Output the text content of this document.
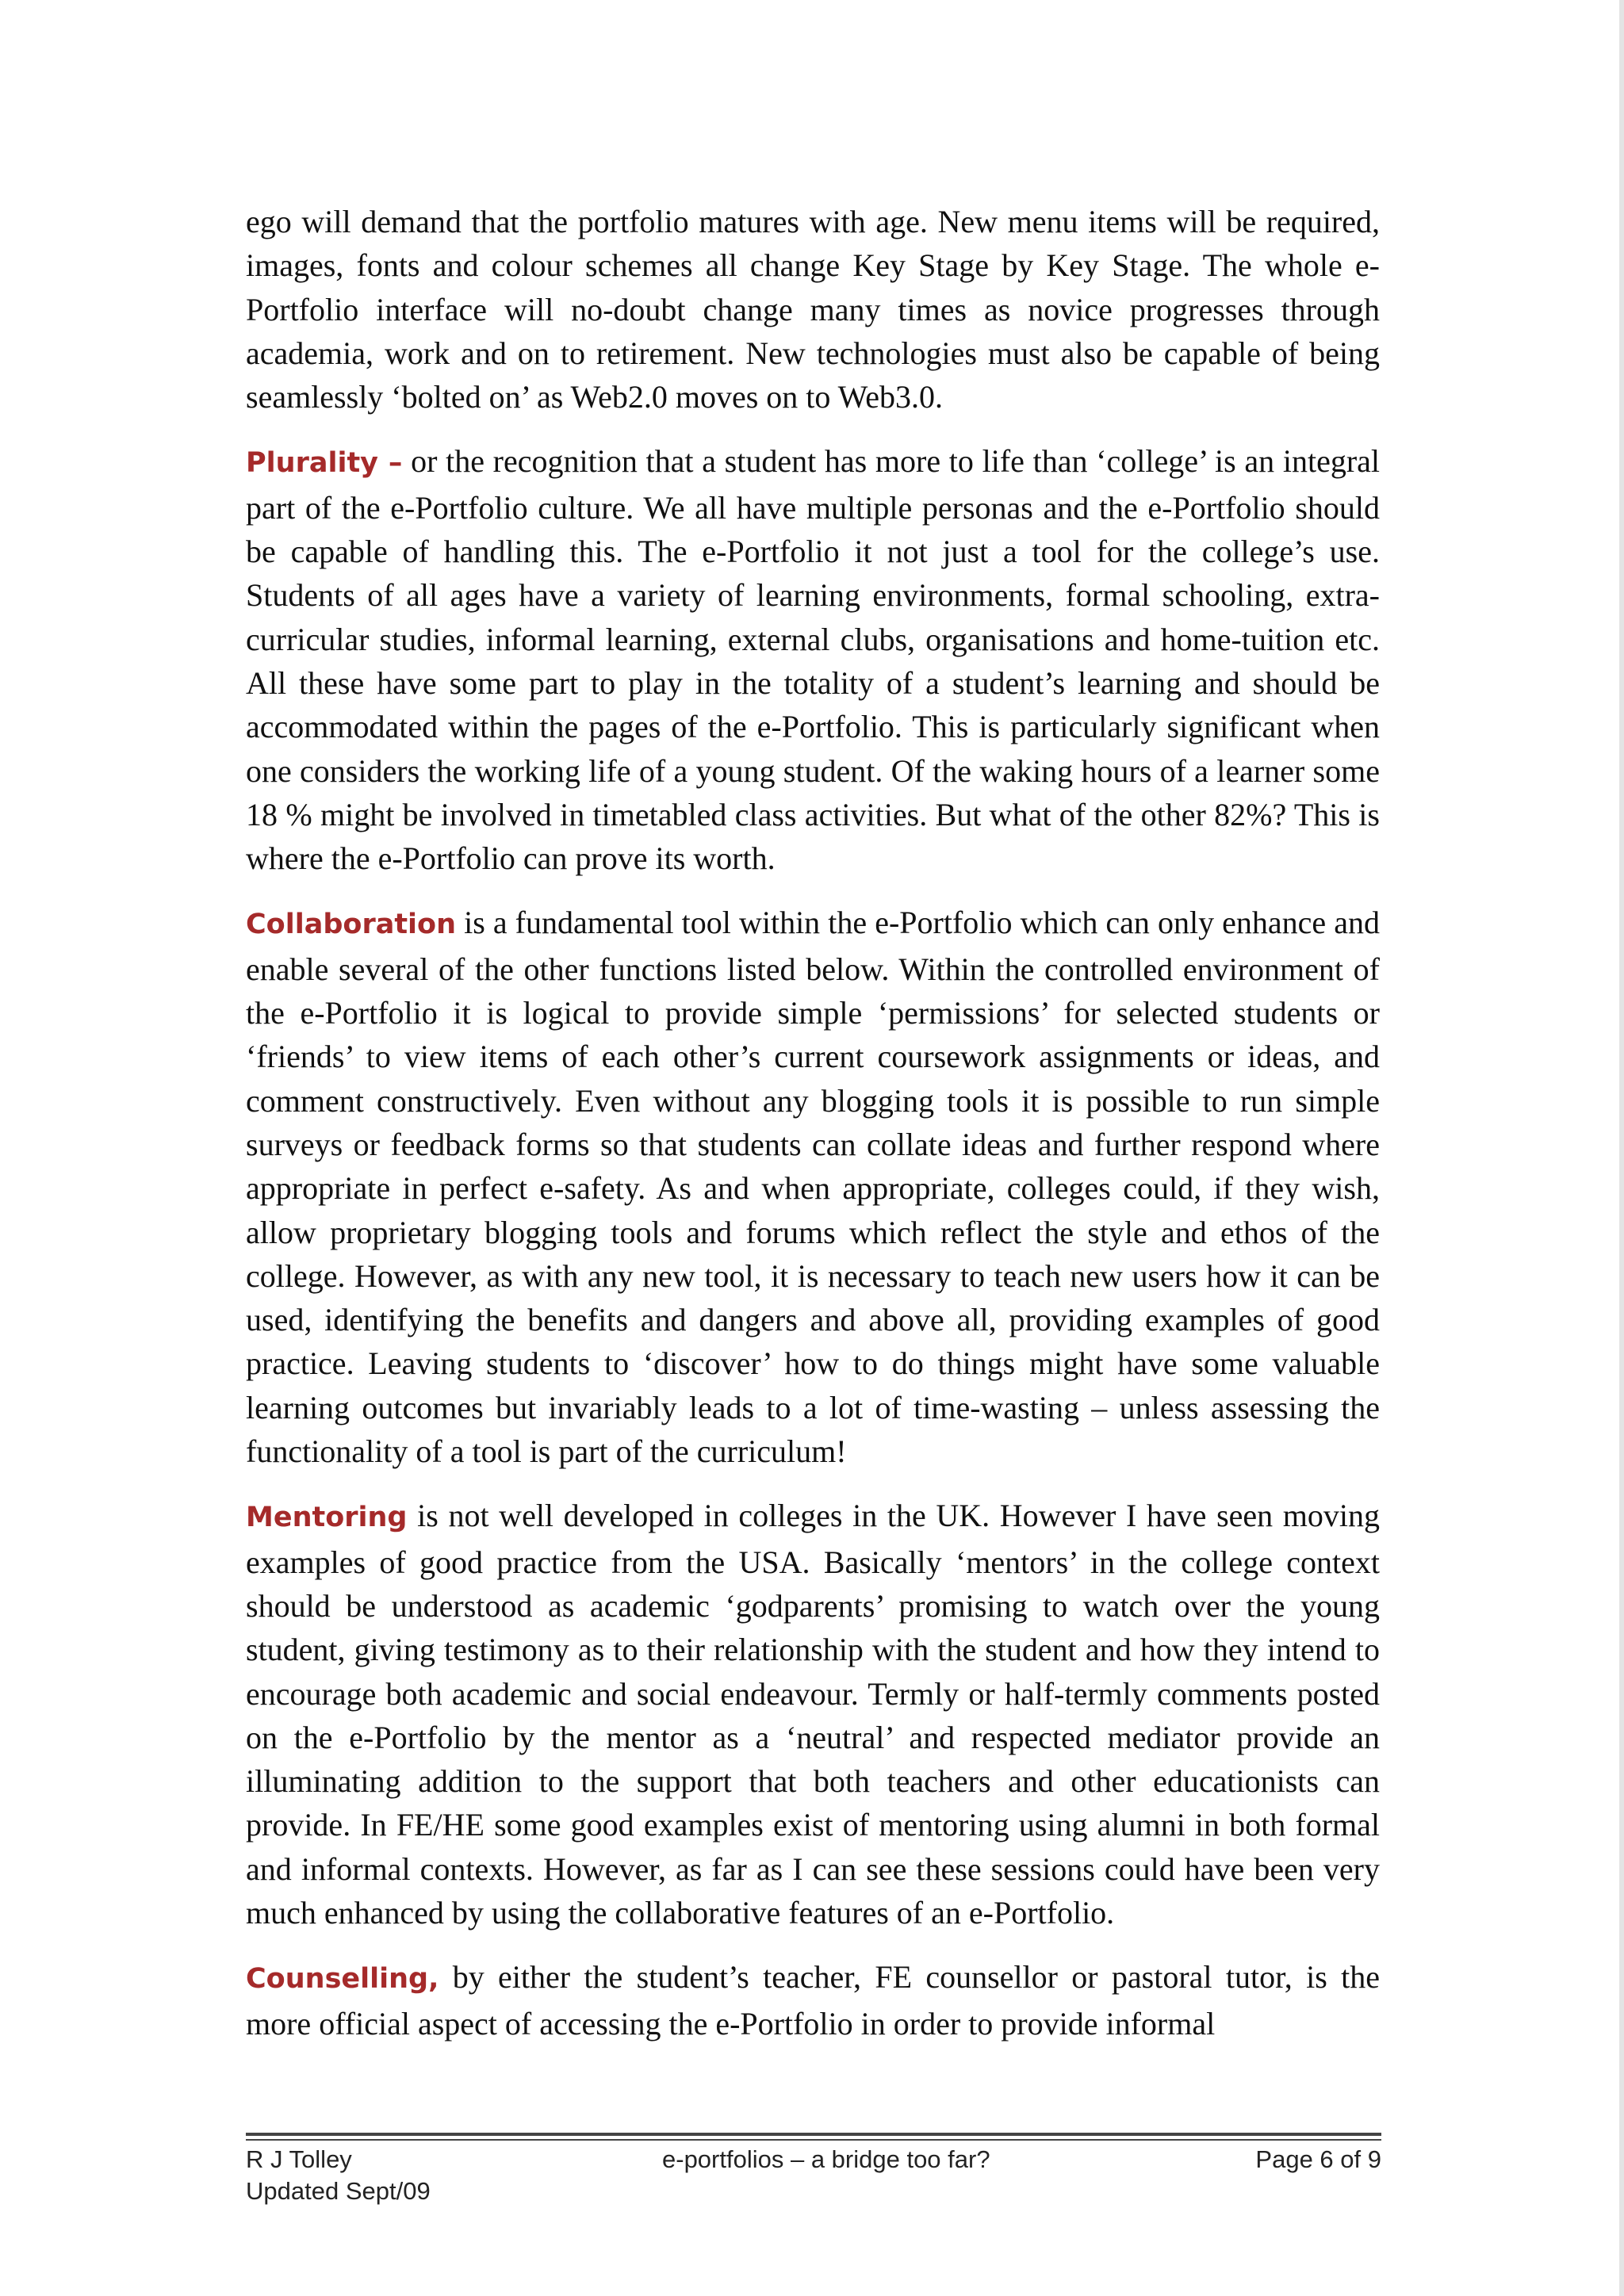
ego will demand that the portfolio matures with age. New menu items will be required, images, fonts and colour schemes all change Key Stage by Key Stage. The whole e-Portfolio interface will no-doubt change many times as novice progresses through academia, work and on to retirement. New technologies must also be capable of being seamlessly ‘bolted on’ as Web2.0 moves on to Web3.0.

Plurality – or the recognition that a student has more to life than ‘college’ is an integral part of the e-Portfolio culture. We all have multiple personas and the e-Portfolio should be capable of handling this. The e-Portfolio it not just a tool for the college’s use. Students of all ages have a variety of learning environments, formal schooling, extra-curricular studies, informal learning, external clubs, organisations and home-tuition etc. All these have some part to play in the totality of a student’s learning and should be accommodated within the pages of the e-Portfolio. This is particularly significant when one considers the working life of a young student. Of the waking hours of a learner some 18 % might be involved in timetabled class activities. But what of the other 82%? This is where the e-Portfolio can prove its worth.

Collaboration is a fundamental tool within the e-Portfolio which can only enhance and enable several of the other functions listed below. Within the controlled environment of the e-Portfolio it is logical to provide simple ‘permissions’ for selected students or ‘friends’ to view items of each other’s current coursework assignments or ideas, and comment constructively. Even without any blogging tools it is possible to run simple surveys or feedback forms so that students can collate ideas and further respond where appropriate in perfect e-safety. As and when appropriate, colleges could, if they wish, allow proprietary blogging tools and forums which reflect the style and ethos of the college. However, as with any new tool, it is necessary to teach new users how it can be used, identifying the benefits and dangers and above all, providing examples of good practice. Leaving students to ‘discover’ how to do things might have some valuable learning outcomes but invariably leads to a lot of time-wasting – unless assessing the functionality of a tool is part of the curriculum!

Mentoring is not well developed in colleges in the UK. However I have seen moving examples of good practice from the USA. Basically ‘mentors’ in the college context should be understood as academic ‘godparents’ promising to watch over the young student, giving testimony as to their relationship with the student and how they intend to encourage both academic and social endeavour. Termly or half-termly comments posted on the e-Portfolio by the mentor as a ‘neutral’ and respected mediator provide an illuminating addition to the support that both teachers and other educationists can provide. In FE/HE some good examples exist of mentoring using alumni in both formal and informal contexts. However, as far as I can see these sessions could have been very much enhanced by using the collaborative features of an e-Portfolio.

Counselling, by either the student’s teacher, FE counsellor or pastoral tutor, is the more official aspect of accessing the e-Portfolio in order to provide informal

R J Tolley	e-portfolios – a bridge too far?	Page 6 of 9
Updated Sept/09
